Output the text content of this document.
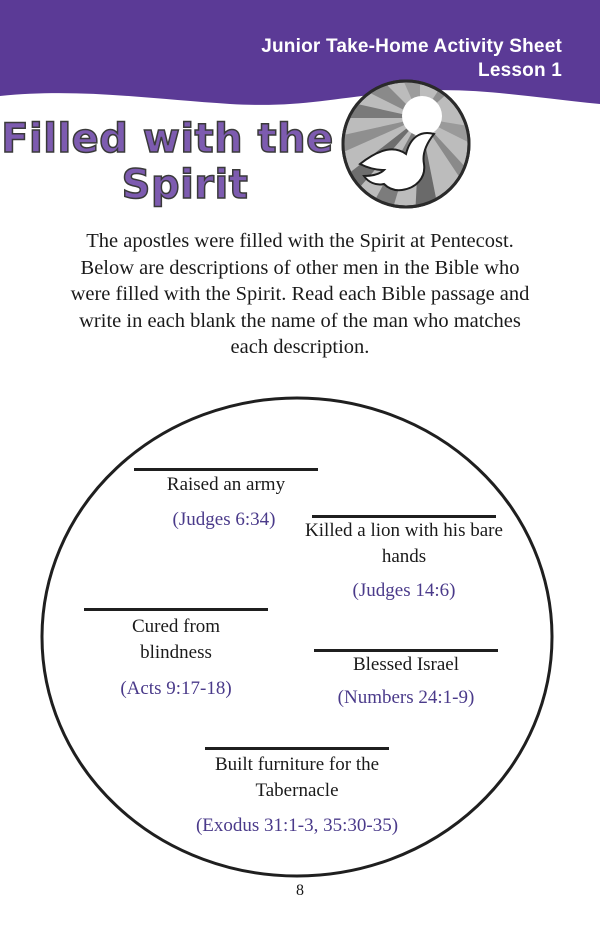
Junior Take-Home Activity Sheet
Lesson 1
Filled with the
Spirit
The apostles were filled with the Spirit at Pentecost. Below are descriptions of other men in the Bible who were filled with the Spirit. Read each Bible passage and write in each blank the name of the man who matches each description.
Raised an army
(Judges 6:34)
Killed a lion with his bare hands
(Judges 14:6)
Cured from blindness
(Acts 9:17-18)
Blessed Israel
(Numbers 24:1-9)
Built furniture for the Tabernacle
(Exodus 31:1-3, 35:30-35)
8
